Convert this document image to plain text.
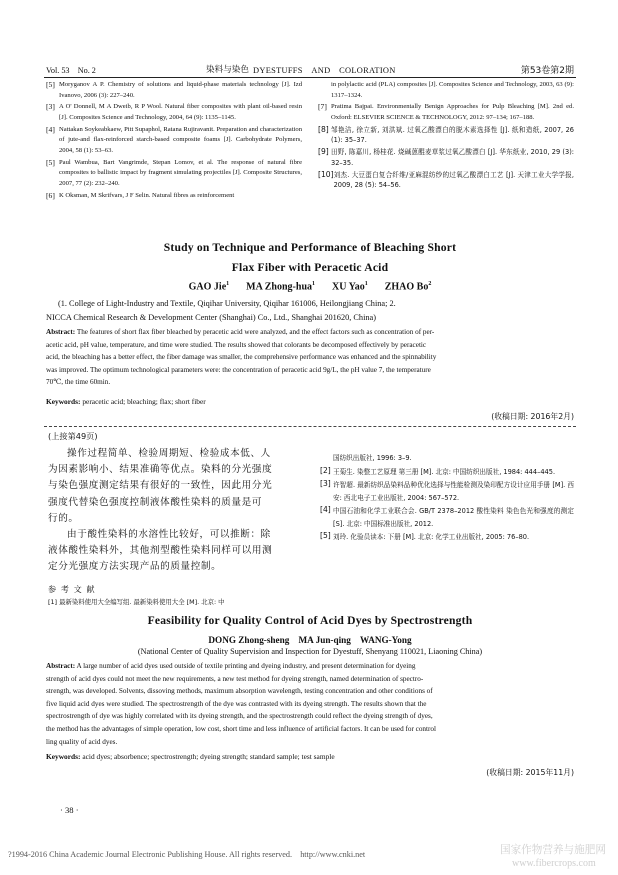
Vol. 53　No. 2	染料与染色 DYESTUFFS　AND　COLORATION	第53卷第2期
[5] Moryganov A P. Chemistry of solutions and liquid-phase materials technology [J]. Izd Ivanovo, 2006 (3): 227–240.
[3] A O' Donnell, M A Dweib, R P Wool. Natural fiber composites with plant oil-based resin [J]. Composites Science and Technology, 2004, 64 (9): 1135–1145.
[4] Nattakan Soykeabkaew, Pitt Supaphol, Ratana Rujiravanit. Preparation and characterization of jute-and flax-reinforced starch-based composite foams [J]. Carbohydrate Polymers, 2004, 58 (1): 53–63.
[5] Paul Wambua, Bart Vangrimde, Stepan Lomov, et al. The response of natural fibre composites to ballistic impact by fragment simulating projectiles [J]. Composite Structures, 2007, 77 (2): 232–240.
[6] K Oksman, M Skrifvars, J F Selin. Natural fibres as reinforcement
in polylactic acid (PLA) composites [J]. Composites Science and Technology, 2003, 63 (9): 1317–1324.
[7] Pratima Bajpai. Environmentally Benign Approaches for Pulp Bleaching [M]. 2nd ed. Oxford: ELSEVIER SCIENCE & TECHNOLOGY, 2012: 97–134; 167–188.
[8] 邹艳洁, 徐立新, 刘洪斌. 过氧乙酸漂白的脱木素选择性 [J]. 纸和造纸, 2007, 26 (1): 35–37.
[9] 田野, 陈嘉川, 杨桂花. 烧碱蒽醌麦草浆过氧乙酸漂白 [J]. 华东纸业, 2010, 29 (3): 32–35.
[10] 刘杰. 大豆蛋白复合纤维/亚麻混纺纱的过氧乙酸漂白工艺 [J]. 天津工业大学学报, 2009, 28 (5): 54–56.
Study on Technique and Performance of Bleaching Short
Flax Fiber with Peracetic Acid
GAO Jie$^1$ MA Zhong-hua$^1$ XU Yao$^1$ ZHAO Bo$^2$
(1. College of Light-Industry and Textile, Qiqihar University, Qiqihar 161006, Heilongjiang China; 2.
NICCA Chemical Research & Development Center (Shanghai) Co., Ltd., Shanghai 201620, China)
Abstract: The features of short flax fiber bleached by peracetic acid were analyzed, and the effect factors such as concentration of per-
acetic acid, pH value, temperature, and time were studied. The results showed that colorants be decomposed effectively by peracetic
acid, the bleaching has a better effect, the fiber damage was smaller, the comprehensive performance was enhanced and the spinnability
was improved. The optimum technological parameters were: the concentration of peracetic acid 9g/L, the pH value 7, the temperature
70℃, the time 60min.
Keywords: peracetic acid; bleaching; flax; short fiber
(收稿日期: 2016年2月)
(上接第49页)
操作过程简单、检验周期短、检验成本低、人
为因素影响小、结果准确等优点。染料的分光强度
与染色强度测定结果有很好的一致性，因此用分光
强度代替染色强度控制液体酸性染料的质量是可
行的。
由于酸性染料的水溶性比较好，可以推断：除
液体酸性染料外，其他剂型酸性染料同样可以用测
定分光强度方法实现产品的质量控制。
参 考 文 献
[1] 最新染料使用大全编写组. 最新染料使用大全 [M]. 北京: 中
国纺织出版社, 1996: 3–9.
[2] 王菊生. 染整工艺原理 第三册 [M]. 北京: 中国纺织出版社, 1984: 444–445.
[3] 许智超. 最新纺织品染料品种优化选择与性能检测及染印配方设计应用手册 [M]. 西安: 西北电子工业出版社, 2004: 567–572.
[4] 中国石油和化学工业联合会. GB/T 2378–2012 酸性染料 染色色光和强度的测定 [S]. 北京: 中国标准出版社, 2012.
[5] 刘玲. 化验员读本: 下册 [M]. 北京: 化学工业出版社, 2005: 76–80.
Feasibility for Quality Control of Acid Dyes by Spectrostrength
DONG Zhong-sheng　MA Jun-qing　WANG-Yong
(National Center of Quality Supervision and Inspection for Dyestuff, Shenyang 110021, Liaoning China)
Abstract: A large number of acid dyes used outside of textile printing and dyeing industry, and present determination for dyeing
strength of acid dyes could not meet the new requirements, a new test method for dyeing strength, named determination of spectro-
strength, was developed. Solvents, dissoving methods, maximum absorption wavelength, testing concentration and other conditions of
five liquid acid dyes were studied. The spectrostrength of the dye was contrasted with its dyeing strength. The results shown that the
spectrostrength of dye was highly correlated with its dyeing strength, and the spectrostrength could reflect the dyeing strength of dyes,
the method has the advantages of simple operation, low cost, short time and less influence of artificial factors. It can be used for control
ling quality of acid dyes.
Keywords: acid dyes; absorbence; spectrostrength; dyeing strength; standard sample; test sample
(收稿日期: 2015年11月)
· 38 ·
?1994-2016 China Academic Journal Electronic Publishing House. All rights reserved.　http://www.cnki.net	国家作物营养与施肥网
www.fibercrops.com
